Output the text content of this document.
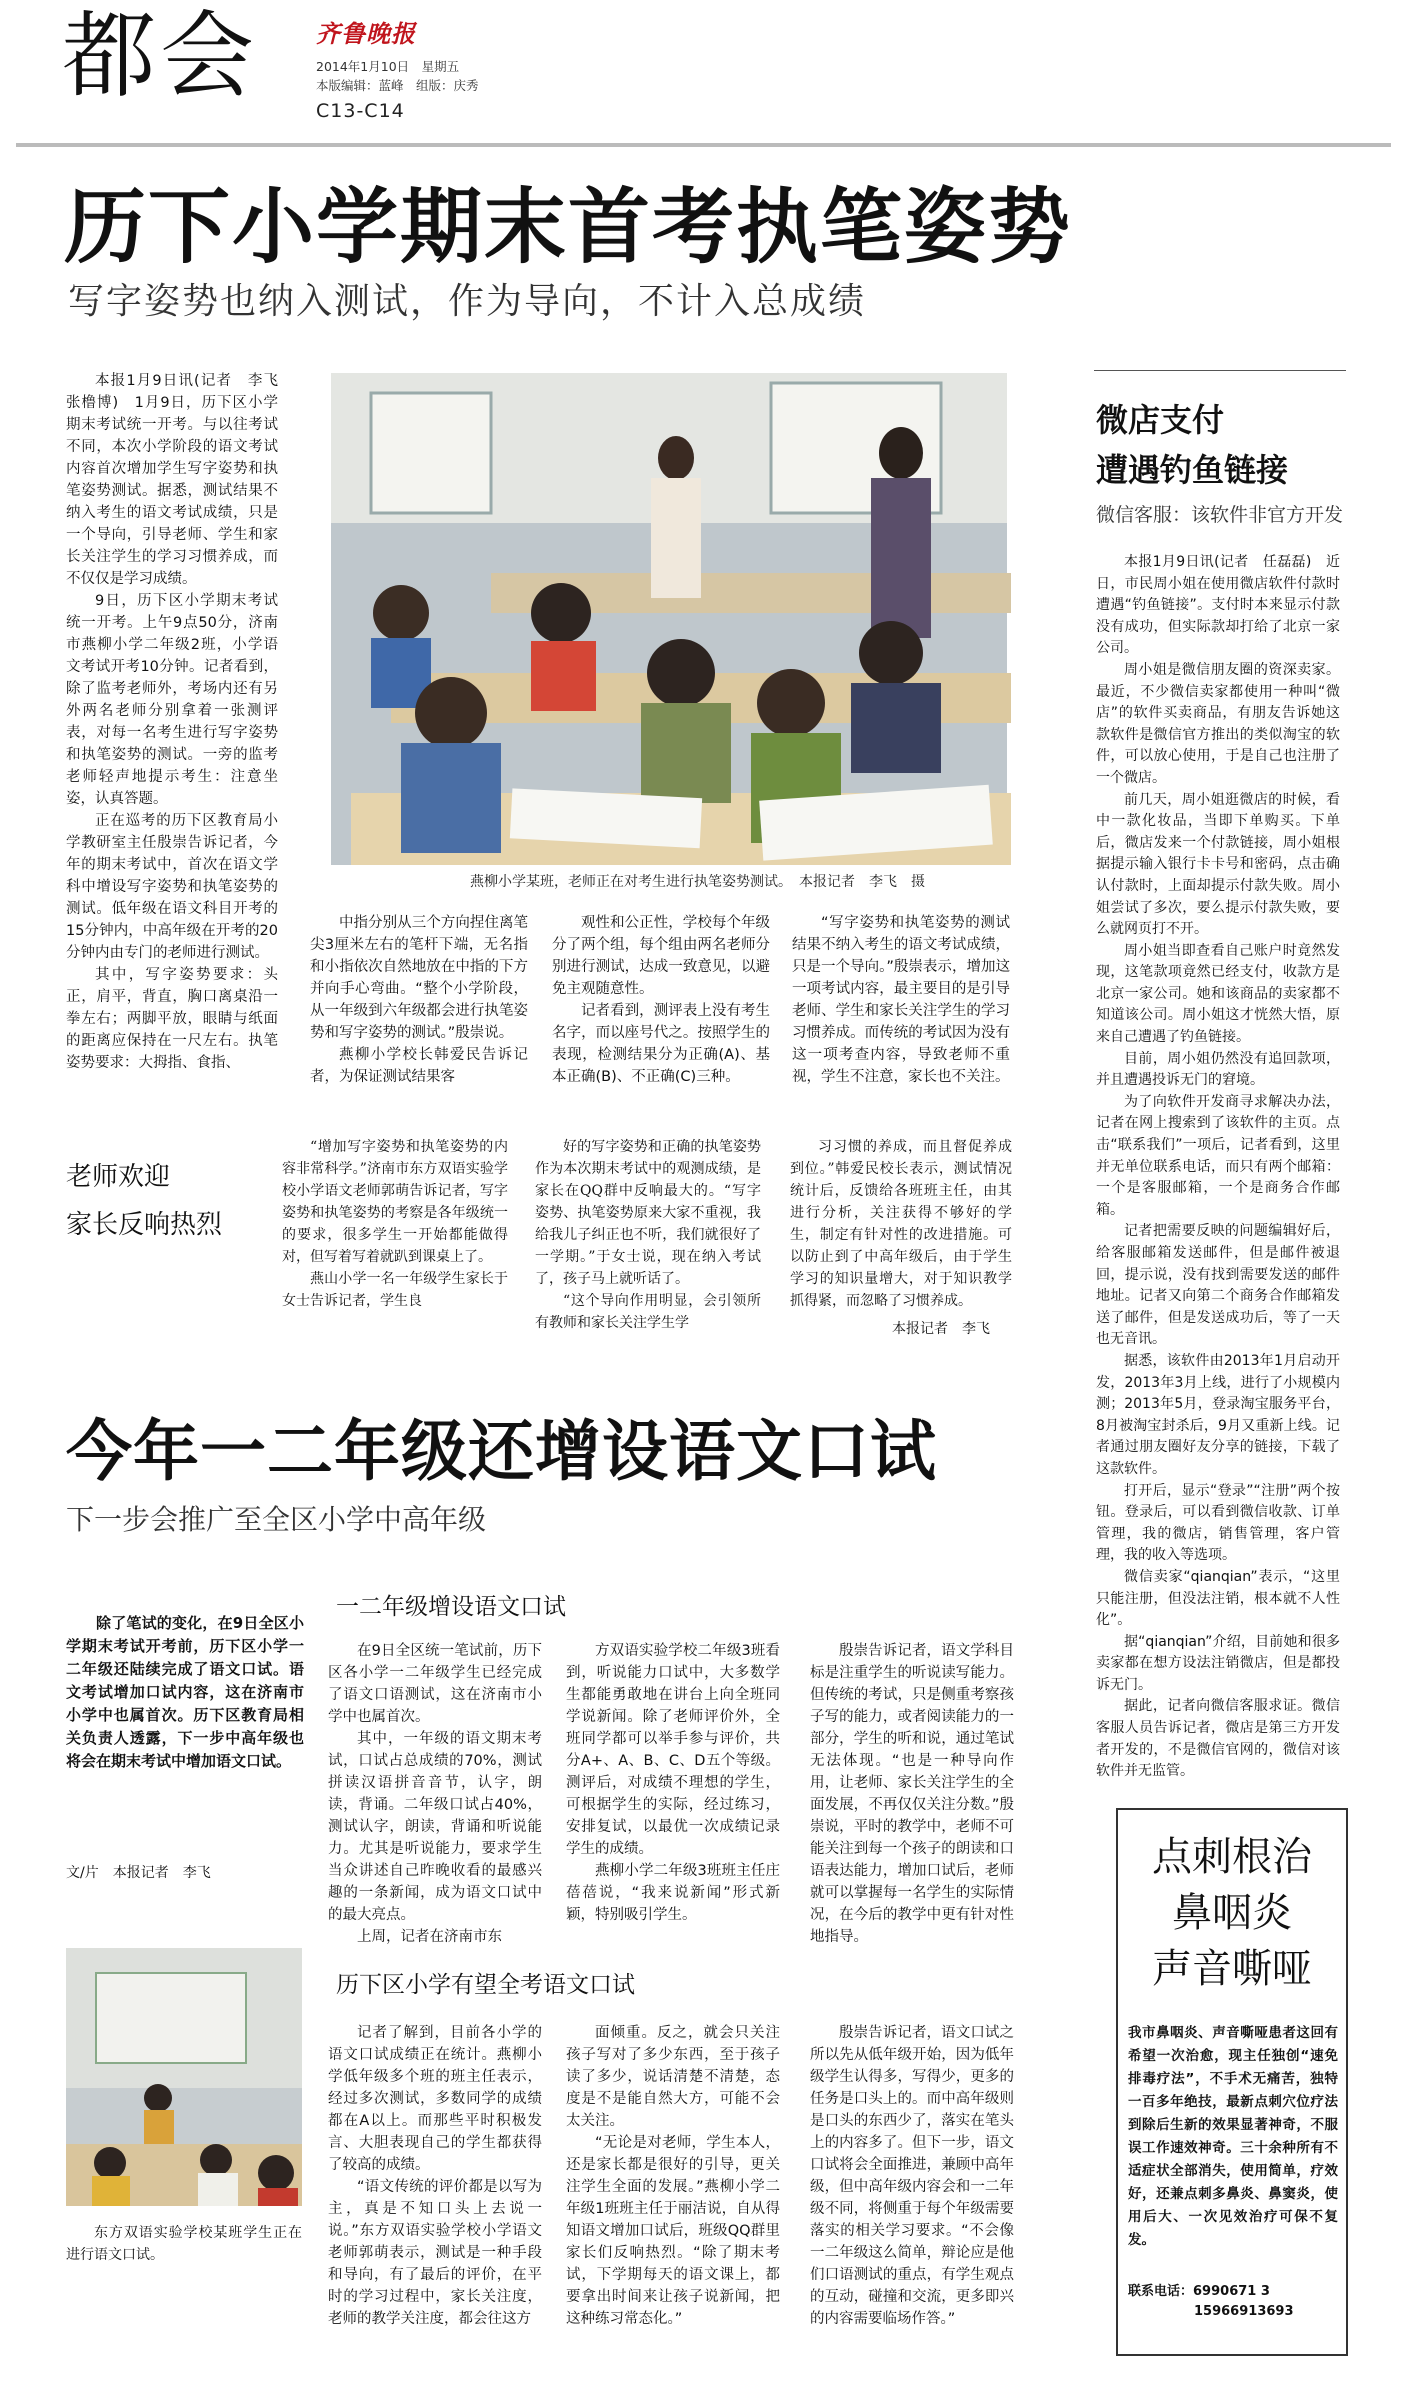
都会 齐鲁晚报
2014年1月10日　星期五
本版编辑：蓝峰　组版：庆秀
C13-C14
历下小学期末首考执笔姿势
写字姿势也纳入测试，作为导向，不计入总成绩
燕柳小学某班，老师正在对考生进行执笔姿势测试。　本报记者　李飞　摄

本报1月9日讯(记者　李飞　张橹博)　1月9日，历下区小学期末考试统一开考。与以往考试不同，本次小学阶段的语文考试内容首次增加学生写字姿势和执笔姿势测试。据悉，测试结果不纳入考生的语文考试成绩，只是一个导向，引导老师、学生和家长关注学生的学习习惯养成，而不仅仅是学习成绩。

9日，历下区小学期末考试统一开考。上午9点50分，济南市燕柳小学二年级2班，小学语文考试开考10分钟。记者看到，除了监考老师外，考场内还有另外两名老师分别拿着一张测评表，对每一名考生进行写字姿势和执笔姿势的测试。一旁的监考老师轻声地提示考生：注意坐姿，认真答题。

正在巡考的历下区教育局小学教研室主任殷崇告诉记者，今年的期末考试中，首次在语文学科中增设写字姿势和执笔姿势的测试。低年级在语文科目开考的15分钟内，中高年级在开考的20分钟内由专门的老师进行测试。

其中，写字姿势要求：头正，肩平，背直，胸口离桌沿一拳左右；两脚平放，眼睛与纸面的距离应保持在一尺左右。执笔姿势要求：大拇指、食指、

中指分别从三个方向捏住离笔尖3厘米左右的笔杆下端，无名指和小指依次自然地放在中指的下方并向手心弯曲。“整个小学阶段，从一年级到六年级都会进行执笔姿势和写字姿势的测试。”殷崇说。

燕柳小学校长韩爱民告诉记者，为保证测试结果客

观性和公正性，学校每个年级分了两个组，每个组由两名老师分别进行测试，达成一致意见，以避免主观随意性。

记者看到，测评表上没有考生名字，而以座号代之。按照学生的表现，检测结果分为正确(A)、基本正确(B)、不正确(C)三种。

“写字姿势和执笔姿势的测试结果不纳入考生的语文考试成绩，只是一个导向。”殷崇表示，增加这一项考试内容，最主要目的是引导老师、学生和家长关注学生的学习习惯养成。而传统的考试因为没有这一项考查内容，导致老师不重视，学生不注意，家长也不关注。

老师欢迎
家长反响热烈

“增加写字姿势和执笔姿势的内容非常科学。”济南市东方双语实验学校小学语文老师郭萌告诉记者，写字姿势和执笔姿势的考察是各年级统一的要求，很多学生一开始都能做得对，但写着写着就趴到课桌上了。

燕山小学一名一年级学生家长于女士告诉记者，学生良

好的写字姿势和正确的执笔姿势作为本次期末考试中的观测成绩，是家长在QQ群中反响最大的。“写字姿势、执笔姿势原来大家不重视，我给我儿子纠正也不听，我们就很好了一学期。”于女士说，现在纳入考试了，孩子马上就听话了。

“这个导向作用明显，会引领所有教师和家长关注学生学

习习惯的养成，而且督促养成到位。”韩爱民校长表示，测试情况统计后，反馈给各班班主任，由其进行分析，关注获得不够好的学生，制定有针对性的改进措施。可以防止到了中高年级后，由于学生学习的知识量增大，对于知识教学抓得紧，而忽略了习惯养成。

本报记者　李飞
今年一二年级还增设语文口试
下一步会推广至全区小学中高年级

除了笔试的变化，在9日全区小学期末考试开考前，历下区小学一二年级还陆续完成了语文口试。语文考试增加口试内容，这在济南市小学中也属首次。历下区教育局相关负责人透露，下一步中高年级也将会在期末考试中增加语文口试。

文/片　本报记者　李飞

东方双语实验学校某班学生正在进行语文口试。

一二年级增设语文口试

在9日全区统一笔试前，历下区各小学一二年级学生已经完成了语文口语测试，这在济南市小学中也属首次。

其中，一年级的语文期末考试，口试占总成绩的70%，测试拼读汉语拼音音节，认字，朗读，背诵。二年级口试占40%，测试认字，朗读，背诵和听说能力。尤其是听说能力，要求学生当众讲述自己昨晚收看的最感兴趣的一条新闻，成为语文口试中的最大亮点。

上周，记者在济南市东

方双语实验学校二年级3班看到，听说能力口试中，大多数学生都能勇敢地在讲台上向全班同学说新闻。除了老师评价外，全班同学都可以举手参与评价，共分A+、A、B、C、D五个等级。测评后，对成绩不理想的学生，可根据学生的实际，经过练习，安排复试，以最优一次成绩记录学生的成绩。

燕柳小学二年级3班班主任庄蓓蓓说，“我来说新闻”形式新颖，特别吸引学生。

殷崇告诉记者，语文学科目标是注重学生的听说读写能力。但传统的考试，只是侧重考察孩子写的能力，或者阅读能力的一部分，学生的听和说，通过笔试无法体现。“也是一种导向作用，让老师、家长关注学生的全面发展，不再仅仅关注分数。”殷崇说，平时的教学中，老师不可能关注到每一个孩子的朗读和口语表达能力，增加口试后，老师就可以掌握每一名学生的实际情况，在今后的教学中更有针对性地指导。

历下区小学有望全考语文口试

记者了解到，目前各小学的语文口试成绩正在统计。燕柳小学低年级多个班的班主任表示，经过多次测试，多数同学的成绩都在A以上。而那些平时积极发言、大胆表现自己的学生都获得了较高的成绩。

“语文传统的评价都是以写为主，真是不知口头上去说一说。”东方双语实验学校小学语文老师郭萌表示，测试是一种手段和导向，有了最后的评价，在平时的学习过程中，家长关注度，老师的教学关注度，都会往这方

面倾重。反之，就会只关注孩子写对了多少东西，至于孩子读了多少，说话清楚不清楚，态度是不是能自然大方，可能不会太关注。

“无论是对老师，学生本人，还是家长都是很好的引导，更关注学生全面的发展。”燕柳小学二年级1班班主任于丽洁说，自从得知语文增加口试后，班级QQ群里家长们反响热烈。“除了期末考试，下学期每天的语文课上，都要拿出时间来让孩子说新闻，把这种练习常态化。”

殷崇告诉记者，语文口试之所以先从低年级开始，因为低年级学生认得多，写得少，更多的任务是口头上的。而中高年级则是口头的东西少了，落实在笔头上的内容多了。但下一步，语文口试将会全面推进，兼顾中高年级，但中高年级内容会和一二年级不同，将侧重于每个年级需要落实的相关学习要求。“不会像一二年级这么简单，辩论应是他们口语测试的重点，有学生观点的互动，碰撞和交流，更多即兴的内容需要临场作答。”

微店支付
遭遇钓鱼链接
微信客服：该软件非官方开发

本报1月9日讯(记者　任磊磊)　近日，市民周小姐在使用微店软件付款时遭遇“钓鱼链接”。支付时本来显示付款没有成功，但实际款却打给了北京一家公司。

周小姐是微信朋友圈的资深卖家。最近，不少微信卖家都使用一种叫“微店”的软件买卖商品，有朋友告诉她这款软件是微信官方推出的类似淘宝的软件，可以放心使用，于是自己也注册了一个微店。

前几天，周小姐逛微店的时候，看中一款化妆品，当即下单购买。下单后，微店发来一个付款链接，周小姐根据提示输入银行卡卡号和密码，点击确认付款时，上面却提示付款失败。周小姐尝试了多次，要么提示付款失败，要么就网页打不开。

周小姐当即查看自己账户时竟然发现，这笔款项竟然已经支付，收款方是北京一家公司。她和该商品的卖家都不知道该公司。周小姐这才恍然大悟，原来自己遭遇了钓鱼链接。

目前，周小姐仍然没有追回款项，并且遭遇投诉无门的窘境。

为了向软件开发商寻求解决办法，记者在网上搜索到了该软件的主页。点击“联系我们”一项后，记者看到，这里并无单位联系电话，而只有两个邮箱：一个是客服邮箱，一个是商务合作邮箱。

记者把需要反映的问题编辑好后，给客服邮箱发送邮件，但是邮件被退回，提示说，没有找到需要发送的邮件地址。记者又向第二个商务合作邮箱发送了邮件，但是发送成功后，等了一天也无音讯。

据悉，该软件由2013年1月启动开发，2013年3月上线，进行了小规模内测；2013年5月，登录淘宝服务平台，8月被淘宝封杀后，9月又重新上线。记者通过朋友圈好友分享的链接，下载了这款软件。

打开后，显示“登录”“注册”两个按钮。登录后，可以看到微信收款、订单管理，我的微店，销售管理，客户管理，我的收入等选项。

微信卖家“qianqian”表示，“这里只能注册，但没法注销，根本就不人性化”。

据“qianqian”介绍，目前她和很多卖家都在想方设法注销微店，但是都投诉无门。

据此，记者向微信客服求证。微信客服人员告诉记者，微店是第三方开发者开发的，不是微信官网的，微信对该软件并无监管。

点刺根治
鼻咽炎
声音嘶哑
我市鼻咽炎、声音嘶哑患者这回有希望一次治愈，现主任独创“速免排毒疗法”，不手术无痛苦，独特一百多年绝技，最新点刺穴位疗法到除后生新的效果显著神奇，不服误工作速效神奇。三十余种所有不适症状全部消失，使用简单，疗效好，还兼点刺多鼻炎、鼻窦炎，使用后大、一次见效治疗可保不复发。
联系电话：6990671 3
15966913693
